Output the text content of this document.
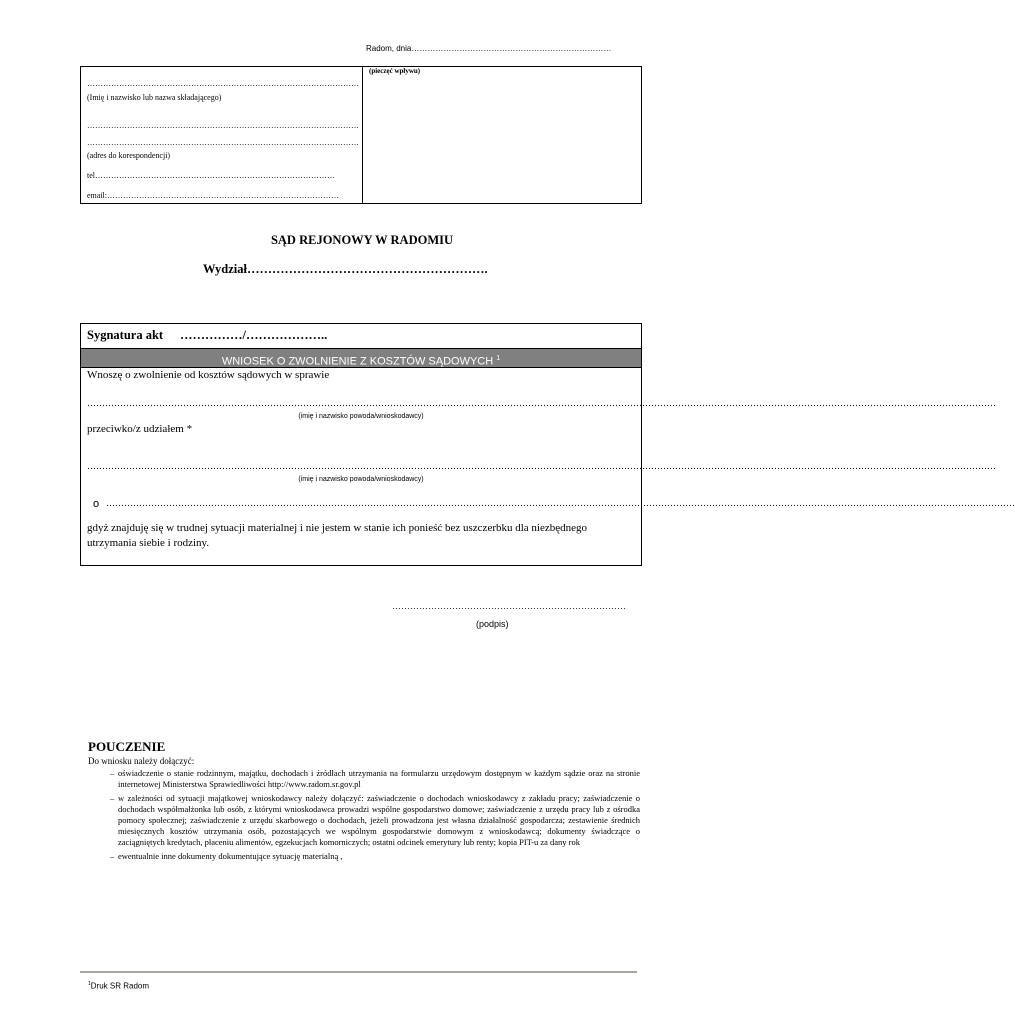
Radom, dnia…………………………………………………………………
…………………………………………………………………………………………
(Imię i nazwisko lub nazwa składającego)
…………………………………………………………………………………………
…………………………………………………………………………………………
(adres do korespondencji)
tel………………………………………………………………………………
email:……………………………………………………………………………
(pieczęć wpływu)
SĄD REJONOWY W RADOMIU
Wydział………………………………………………….
Sygnatura akt ……………/………………..
WNIOSEK O ZWOLNIENIE Z KOSZTÓW SĄDOWYCH $^1$
Wnoszę o zwolnienie od kosztów sądowych w sprawie
……………………………………………………………………………………………………………………………………………………………………………………………………………………………………………………………………………
(imię i nazwisko powoda/wnioskodawcy)
przeciwko/z udziałem *
……………………………………………………………………………………………………………………………………………………………………………………………………………………………………………………………………………
(imię i nazwisko powoda/wnioskodawcy)
o ……………………………………………………………………………………………………………………………………………………………………………………………………………………………………………………………………………
gdyż znajduję się w trudnej sytuacji materialnej i nie jestem w stanie ich ponieść bez uszczerbku dla niezbędnego utrzymania siebie i rodziny.
……………………………………………………………………
(podpis)
POUCZENIE
Do wniosku należy dołączyć:
– oświadczenie o stanie rodzinnym, majątku, dochodach i źródłach utrzymania na formularzu urzędowym dostępnym w każdym sądzie oraz na stronie internetowej Ministerstwa Sprawiedliwości http://www.radom.sr.gov.pl
– w zależności od sytuacji majątkowej wnioskodawcy należy dołączyć: zaświadczenie o dochodach wnioskodawcy z zakładu pracy; zaświadczenie o dochodach współmałżonka lub osób, z którymi wnioskodawca prowadzi wspólne gospodarstwo domowe; zaświadczenie z urzędu pracy lub z ośrodka pomocy społecznej; zaświadczenie z urzędu skarbowego o dochodach, jeżeli prowadzona jest własna działalność gospodarcza; zestawienie średnich miesięcznych kosztów utrzymania osób, pozostających we wspólnym gospodarstwie domowym z wnioskodawcą; dokumenty świadczące o zaciągniętych kredytach, płaceniu alimentów, egzekucjach komorniczych; ostatni odcinek emerytury lub renty; kopia PIT-u za dany rok
– ewentualnie inne dokumenty dokumentujące sytuację materialną ,
$^1$Druk SR Radom
